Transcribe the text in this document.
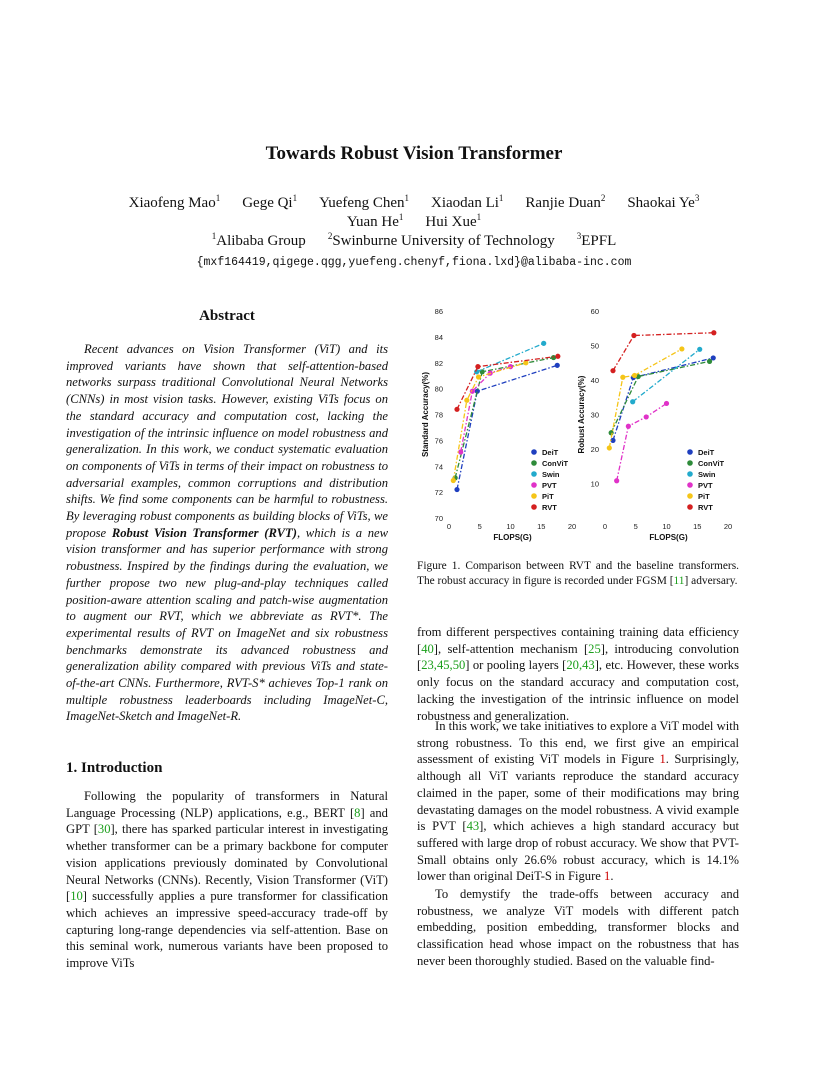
Towards Robust Vision Transformer
Xiaofeng Mao$^1$ Gege Qi$^1$ Yuefeng Chen$^1$ Xiaodan Li$^1$ Ranjie Duan$^2$ Shaokai Ye$^3$
Yuan He$^1$ Hui Xue$^1$
$^1$Alibaba Group $^2$Swinburne University of Technology $^3$EPFL
{mxf164419,qigege.qgg,yuefeng.chenyf,fiona.lxd}@alibaba-inc.com
Abstract
Recent advances on Vision Transformer (ViT) and its improved variants have shown that self-attention-based networks surpass traditional Convolutional Neural Networks (CNNs) in most vision tasks. However, existing ViTs focus on the standard accuracy and computation cost, lacking the investigation of the intrinsic influence on model robustness and generalization. In this work, we conduct systematic evaluation on components of ViTs in terms of their impact on robustness to adversarial examples, common corruptions and distribution shifts. We find some components can be harmful to robustness. By leveraging robust components as building blocks of ViTs, we propose Robust Vision Transformer (RVT), which is a new vision transformer and has superior performance with strong robustness. Inspired by the findings during the evaluation, we further propose two new plug-and-play techniques called position-aware attention scaling and patch-wise augmentation to augment our RVT, which we abbreviate as RVT*. The experimental results of RVT on ImageNet and six robustness benchmarks demonstrate its advanced robustness and generalization ability compared with previous ViTs and state-of-the-art CNNs. Furthermore, RVT-S* achieves Top-1 rank on multiple robustness leaderboards including ImageNet-C, ImageNet-Sketch and ImageNet-R.
1. Introduction
Following the popularity of transformers in Natural Language Processing (NLP) applications, e.g., BERT [8] and GPT [30], there has sparked particular interest in investigating whether transformer can be a primary backbone for computer vision applications previously dominated by Convolutional Neural Networks (CNNs). Recently, Vision Transformer (ViT) [10] successfully applies a pure transformer for classification which achieves an impressive speed-accuracy trade-off by capturing long-range dependencies via self-attention. Base on this seminal work, numerous variants have been proposed to improve ViTs
70
72
74
76
78
80
82
84
86
0	5	10	15	20
FLOPS(G)
Standard Accuracy(%)	DeiT
ConViT
Swin
PVT
PiT
RVT
10
20
30
40
50
60
0	5	10	15	20
FLOPS(G)
Robust Accuracy(%)	DeiT
ConViT
Swin
PVT
PiT
RVT
Figure 1. Comparison between RVT and the baseline transformers. The robust accuracy in figure is recorded under FGSM [11] adversary.
from different perspectives containing training data efficiency [40], self-attention mechanism [25], introducing convolution [23,45,50] or pooling layers [20,43], etc. However, these works only focus on the standard accuracy and computation cost, lacking the investigation of the intrinsic influence on model robustness and generalization.
In this work, we take initiatives to explore a ViT model with strong robustness. To this end, we first give an empirical assessment of existing ViT models in Figure 1. Surprisingly, although all ViT variants reproduce the standard accuracy claimed in the paper, some of their modifications may bring devastating damages on the model robustness. A vivid example is PVT [43], which achieves a high standard accuracy but suffered with large drop of robust accuracy. We show that PVT-Small obtains only 26.6% robust accuracy, which is 14.1% lower than original DeiT-S in Figure 1.
To demystify the trade-offs between accuracy and robustness, we analyze ViT models with different patch embedding, position embedding, transformer blocks and classification head whose impact on the robustness that has never been thoroughly studied. Based on the valuable find-
